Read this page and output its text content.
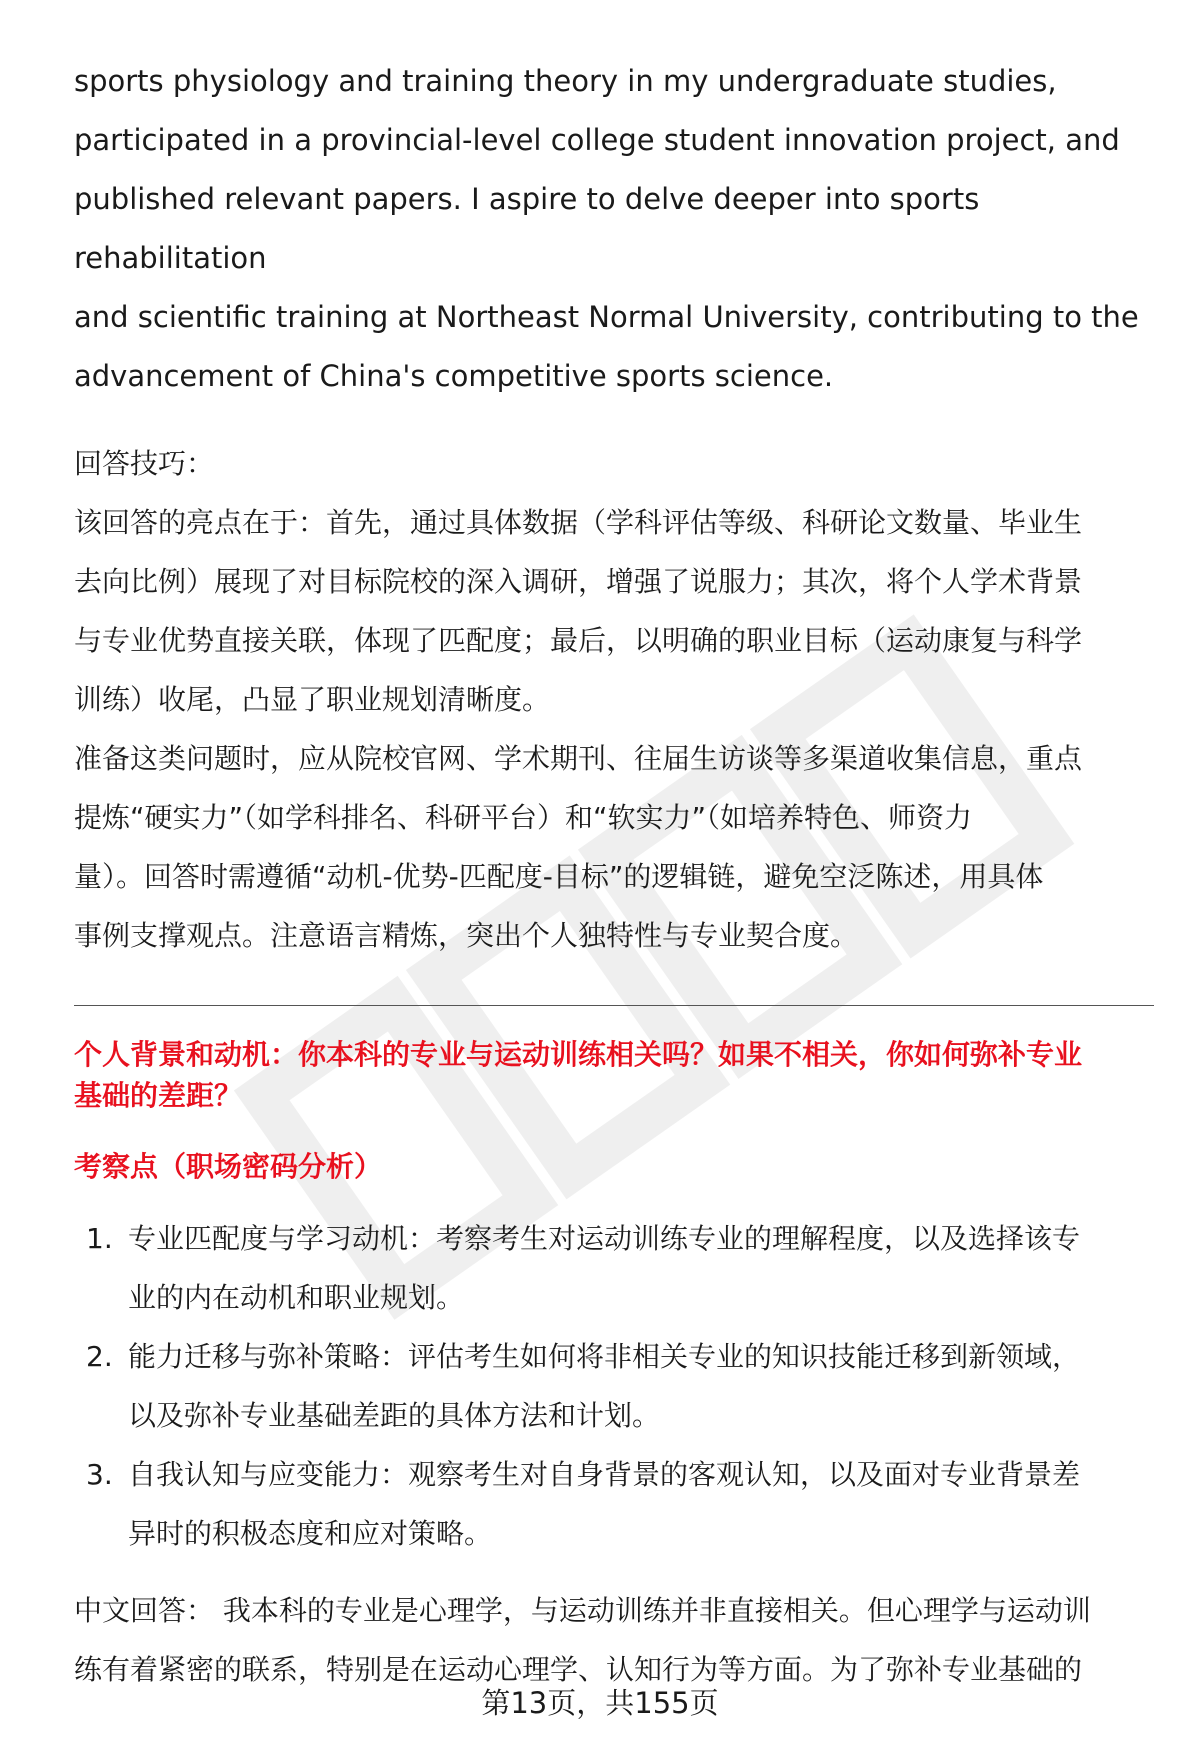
sports physiology and training theory in my undergraduate studies,

participated in a provincial-level college student innovation project, and

published relevant papers. I aspire to delve deeper into sports rehabilitation

and scientific training at Northeast Normal University, contributing to the

advancement of China's competitive sports science.

回答技巧：

该回答的亮点在于：首先，通过具体数据（学科评估等级、科研论文数量、毕业生

去向比例）展现了对目标院校的深入调研，增强了说服力；其次，将个人学术背景

与专业优势直接关联，体现了匹配度；最后，以明确的职业目标（运动康复与科学

训练）收尾，凸显了职业规划清晰度。

准备这类问题时，应从院校官网、学术期刊、往届生访谈等多渠道收集信息，重点

提炼“硬实力”（如学科排名、科研平台）和“软实力”（如培养特色、师资力

量）。回答时需遵循“动机-优势-匹配度-目标”的逻辑链，避免空泛陈述，用具体

事例支撑观点。注意语言精炼，突出个人独特性与专业契合度。

个人背景和动机：你本科的专业与运动训练相关吗？如果不相关，你如何弥补专业

基础的差距？

考察点（职场密码分析）

1. 专业匹配度与学习动机：考察考生对运动训练专业的理解程度，以及选择该专
业的内在动机和职业规划。
2. 能力迁移与弥补策略：评估考生如何将非相关专业的知识技能迁移到新领域，
以及弥补专业基础差距的具体方法和计划。
3. 自我认知与应变能力：观察考生对自身背景的客观认知，以及面对专业背景差
异时的积极态度和应对策略。

中文回答： 我本科的专业是心理学，与运动训练并非直接相关。但心理学与运动训

练有着紧密的联系，特别是在运动心理学、认知行为等方面。为了弥补专业基础的

第13页，共155页
